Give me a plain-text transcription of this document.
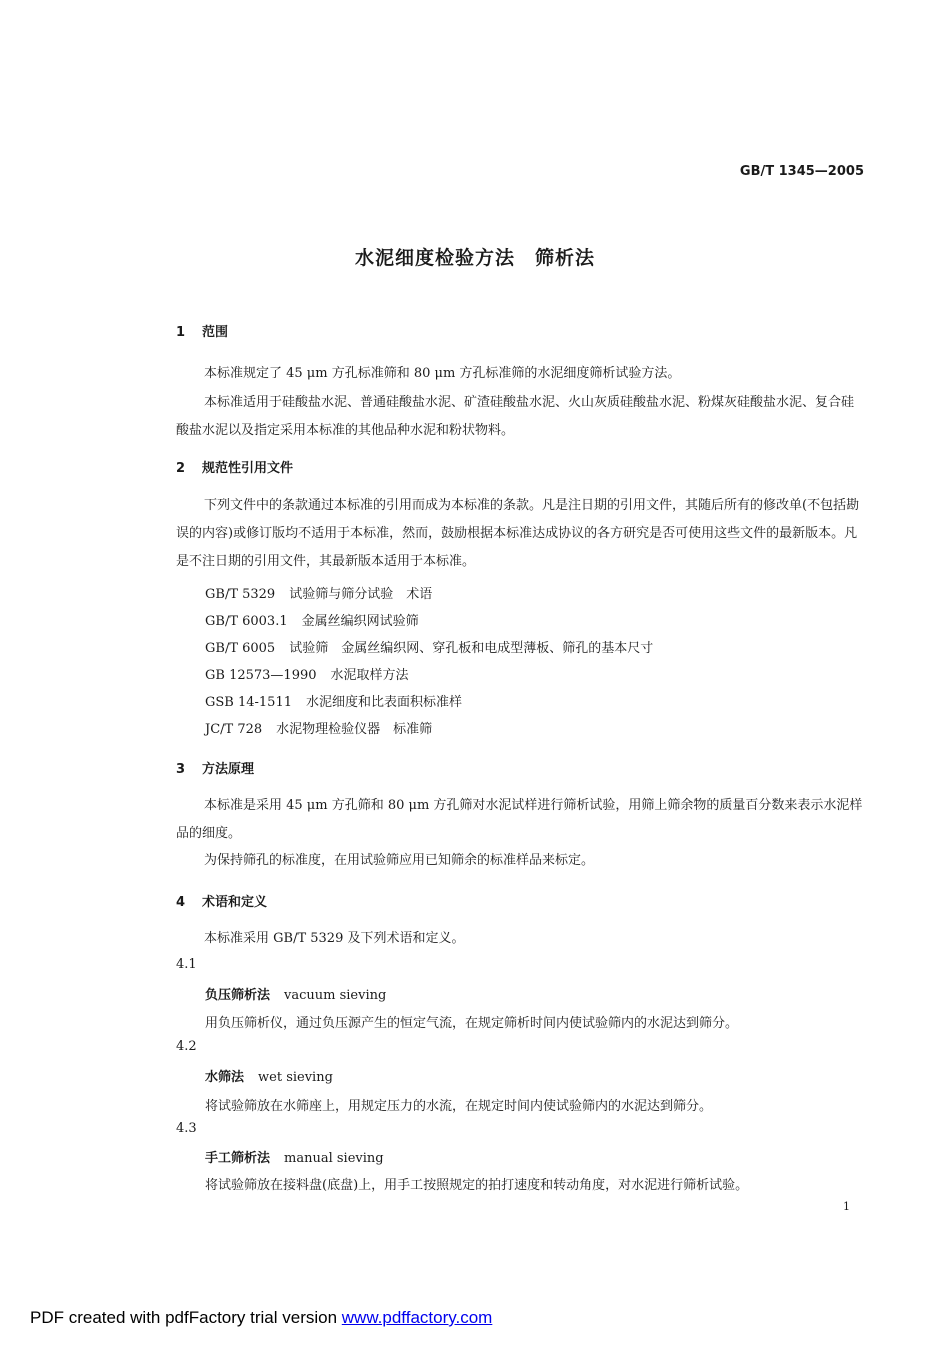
GB/T 1345—2005
水泥细度检验方法　筛析法
1 范围
本标准规定了 45 μm 方孔标准筛和 80 μm 方孔标准筛的水泥细度筛析试验方法。
本标准适用于硅酸盐水泥、普通硅酸盐水泥、矿渣硅酸盐水泥、火山灰质硅酸盐水泥、粉煤灰硅酸盐水泥、复合硅酸盐水泥以及指定采用本标准的其他品种水泥和粉状物料。
2 规范性引用文件
下列文件中的条款通过本标准的引用而成为本标准的条款。凡是注日期的引用文件，其随后所有的修改单(不包括勘误的内容)或修订版均不适用于本标准，然而，鼓励根据本标准达成协议的各方研究是否可使用这些文件的最新版本。凡是不注日期的引用文件，其最新版本适用于本标准。
GB/T 5329 试验筛与筛分试验　术语
GB/T 6003.1 金属丝编织网试验筛
GB/T 6005 试验筛　金属丝编织网、穿孔板和电成型薄板、筛孔的基本尺寸
GB 12573—1990 水泥取样方法
GSB 14-1511 水泥细度和比表面积标准样
JC/T 728 水泥物理检验仪器　标准筛
3 方法原理
本标准是采用 45 μm 方孔筛和 80 μm 方孔筛对水泥试样进行筛析试验，用筛上筛余物的质量百分数来表示水泥样品的细度。
为保持筛孔的标准度，在用试验筛应用已知筛余的标准样品来标定。
4 术语和定义
本标准采用 GB/T 5329 及下列术语和定义。
4.1
负压筛析法 vacuum sieving
用负压筛析仪，通过负压源产生的恒定气流，在规定筛析时间内使试验筛内的水泥达到筛分。
4.2
水筛法 wet sieving
将试验筛放在水筛座上，用规定压力的水流，在规定时间内使试验筛内的水泥达到筛分。
4.3
手工筛析法 manual sieving
将试验筛放在接料盘(底盘)上，用手工按照规定的拍打速度和转动角度，对水泥进行筛析试验。
1
PDF created with pdfFactory trial version www.pdffactory.com
